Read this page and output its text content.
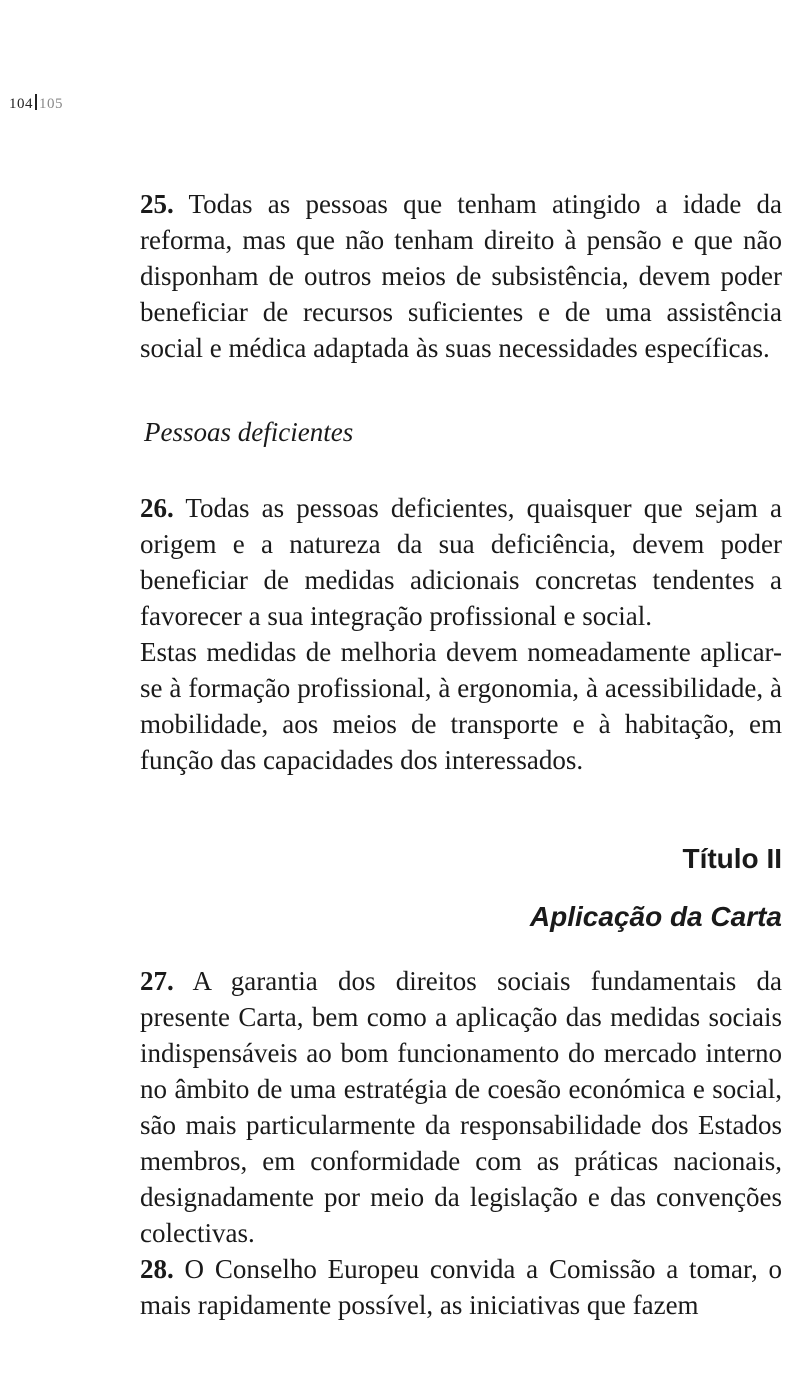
104 105

25. Todas as pessoas que tenham atingido a idade da reforma, mas que não tenham direito à pensão e que não disponham de outros meios de subsistência, devem poder beneficiar de recursos suficientes e de uma assistência social e médica adaptada às suas necessidades específicas.

Pessoas deficientes

26. Todas as pessoas deficientes, quaisquer que sejam a origem e a natureza da sua deficiência, devem poder beneficiar de medidas adicionais concretas tendentes a favorecer a sua integração profissional e social.

Estas medidas de melhoria devem nomeadamente aplicar-se à formação profissional, à ergonomia, à acessibilidade, à mobilidade, aos meios de transporte e à habitação, em função das capacidades dos interessados.

Título II
Aplicação da Carta

27. A garantia dos direitos sociais fundamentais da presente Carta, bem como a aplicação das medidas sociais indispensáveis ao bom funcionamento do mercado interno no âmbito de uma estratégia de coesão económica e social, são mais particularmente da responsabilidade dos Estados membros, em conformidade com as práticas nacionais, designadamente por meio da legislação e das convenções colectivas.

28. O Conselho Europeu convida a Comissão a tomar, o mais rapidamente possível, as iniciativas que fazem
